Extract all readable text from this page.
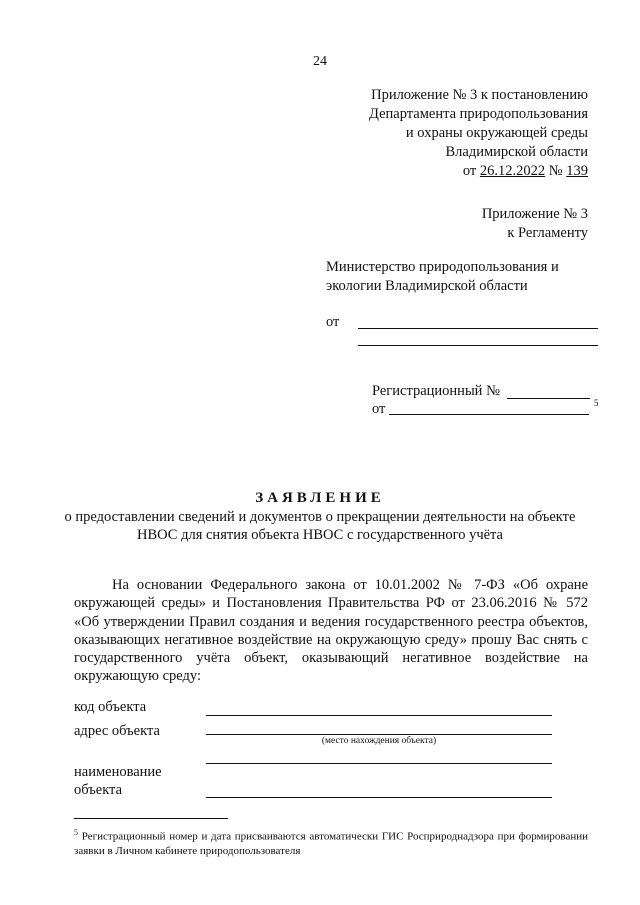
24
Приложение № 3 к постановлению
Департамента природопользования
и охраны окружающей среды
Владимирской области
от 26.12.2022 № 139
Приложение № 3
к Регламенту
Министерство природопользования и
экологии Владимирской области
от
Регистрационный №
от	5
ЗАЯВЛЕНИЕ
о предоставлении сведений и документов о прекращении деятельности на объекте НВОС для снятия объекта НВОС с государственного учёта
На основании Федерального закона от 10.01.2002 № 7-ФЗ «Об охране окружающей среды» и Постановления Правительства РФ от 23.06.2016 № 572 «Об утверждении Правил создания и ведения государственного реестра объектов, оказывающих негативное воздействие на окружающую среду» прошу Вас снять с государственного учёта объект, оказывающий негативное воздействие на окружающую среду:
код объекта
адрес объекта
(место нахождения объекта)
наименование
объекта
$^5$ Регистрационный номер и дата присваиваются автоматически ГИС Росприроднадзора при формировании заявки в Личном кабинете природопользователя
